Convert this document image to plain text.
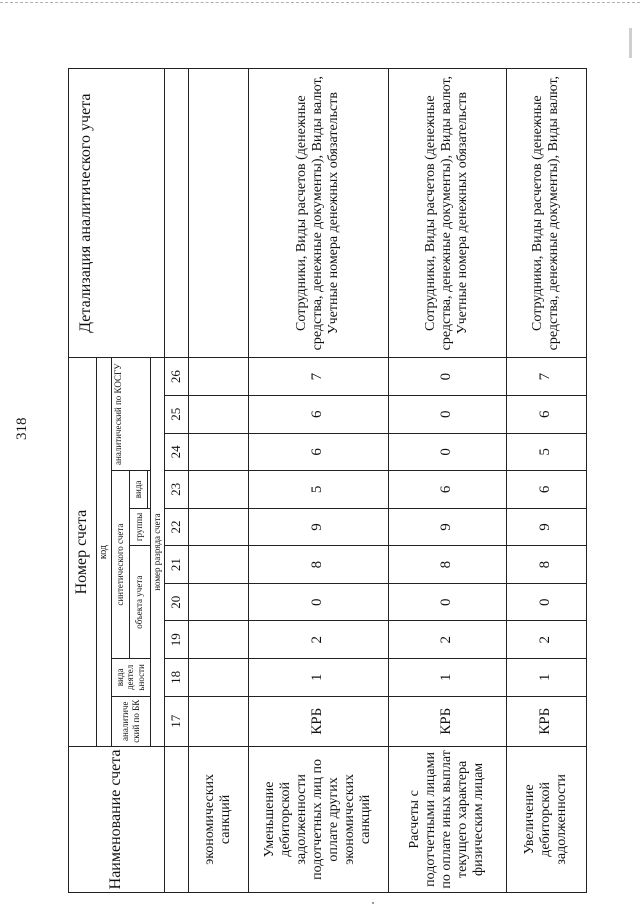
318
Наименование счета	Номер счета										Детализация аналитического учета
	код										
	аналитиче ский по БК	вида деятел ьности	синтетического счета					аналитический по КОСГУ			
			объекта учета			группы	вида				

	номер разряда счета										
	17	18	19	20	21	22	23	24	25	26	
экономических санкций											
Уменьшение дебиторской задолженности подотчетных лиц по оплате других экономических санкций	КРБ	1	2	0	8	9	5	6	6	7	Сотрудники, Виды расчетов (денежные средства, денежные документы), Виды валют, Учетные номера денежных обязательств
Расчеты с подотчетными лицами по оплате иных выплат текущего характера физическим лицам	КРБ	1	2	0	8	9	6	0	0	0	Сотрудники, Виды расчетов (денежные средства, денежные документы), Виды валют, Учетные номера денежных обязательств
Увеличение дебиторской задолженности	КРБ	1	2	0	8	9	6	5	6	7	Сотрудники, Виды расчетов (денежные средства, денежные документы), Виды валют,
